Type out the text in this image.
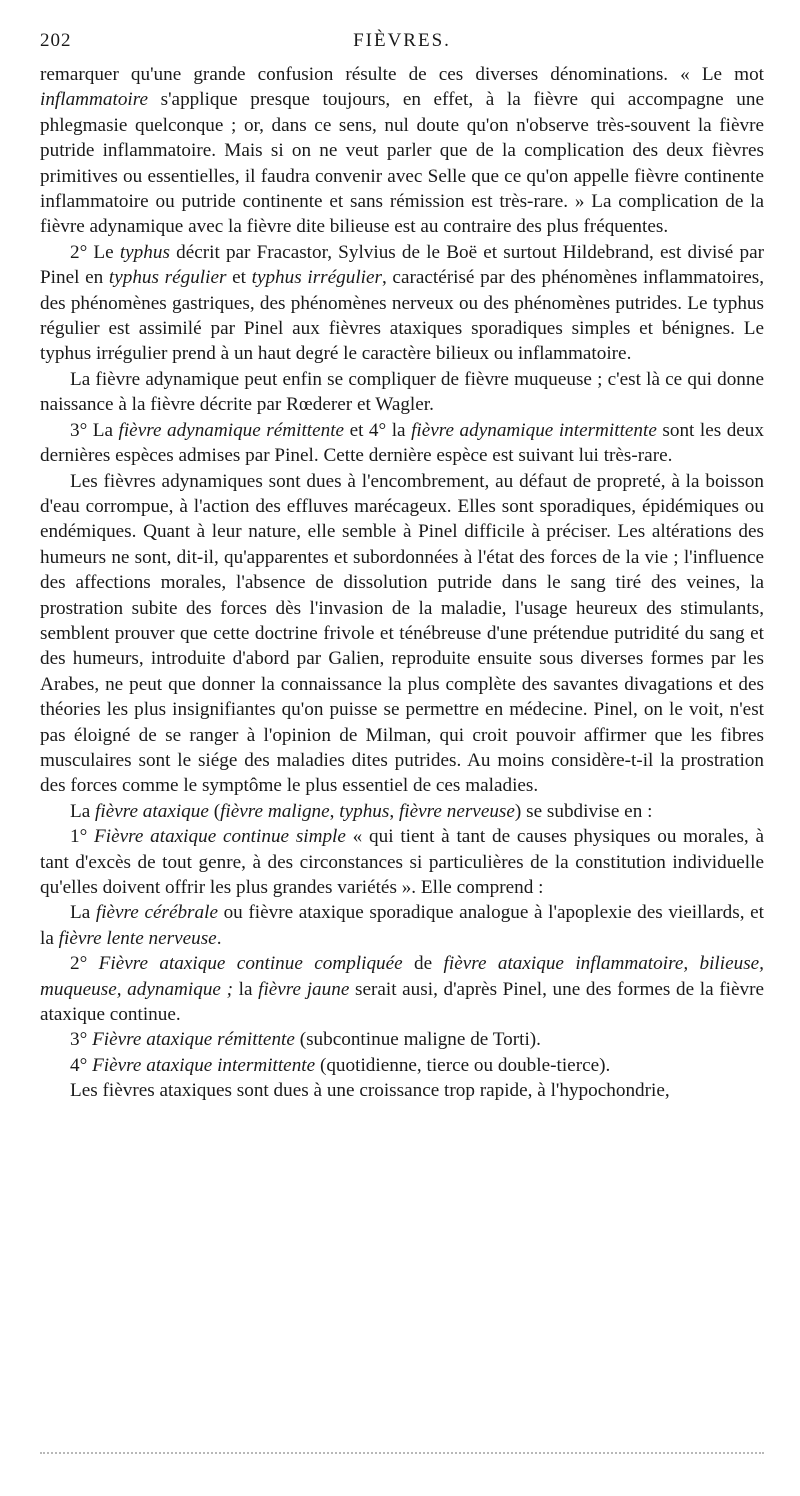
FIÈVRES.
202

remarquer qu'une grande confusion résulte de ces diverses dénominations. « Le mot inflammatoire s'applique presque toujours, en effet, à la fièvre qui accompagne une phlegmasie quelconque ; or, dans ce sens, nul doute qu'on n'observe très-souvent la fièvre putride inflammatoire. Mais si on ne veut parler que de la complication des deux fièvres primitives ou essentielles, il faudra convenir avec Selle que ce qu'on appelle fièvre continente inflammatoire ou putride continente et sans rémission est très-rare. » La complication de la fièvre adynamique avec la fièvre dite bilieuse est au contraire des plus fréquentes.

2° Le typhus décrit par Fracastor, Sylvius de le Boë et surtout Hildebrand, est divisé par Pinel en typhus régulier et typhus irrégulier, caractérisé par des phénomènes inflammatoires, des phénomènes gastriques, des phénomènes nerveux ou des phénomènes putrides. Le typhus régulier est assimilé par Pinel aux fièvres ataxiques sporadiques simples et bénignes. Le typhus irrégulier prend à un haut degré le caractère bilieux ou inflammatoire.

La fièvre adynamique peut enfin se compliquer de fièvre muqueuse ; c'est là ce qui donne naissance à la fièvre décrite par Rœderer et Wagler.

3° La fièvre adynamique rémittente et 4° la fièvre adynamique intermittente sont les deux dernières espèces admises par Pinel. Cette dernière espèce est suivant lui très-rare.

Les fièvres adynamiques sont dues à l'encombrement, au défaut de propreté, à la boisson d'eau corrompue, à l'action des effluves marécageux. Elles sont sporadiques, épidémiques ou endémiques. Quant à leur nature, elle semble à Pinel difficile à préciser. Les altérations des humeurs ne sont, dit-il, qu'apparentes et subordonnées à l'état des forces de la vie ; l'influence des affections morales, l'absence de dissolution putride dans le sang tiré des veines, la prostration subite des forces dès l'invasion de la maladie, l'usage heureux des stimulants, semblent prouver que cette doctrine frivole et ténébreuse d'une prétendue putridité du sang et des humeurs, introduite d'abord par Galien, reproduite ensuite sous diverses formes par les Arabes, ne peut que donner la connaissance la plus complète des savantes divagations et des théories les plus insignifiantes qu'on puisse se permettre en médecine. Pinel, on le voit, n'est pas éloigné de se ranger à l'opinion de Milman, qui croit pouvoir affirmer que les fibres musculaires sont le siége des maladies dites putrides. Au moins considère-t-il la prostration des forces comme le symptôme le plus essentiel de ces maladies.

La fièvre ataxique (fièvre maligne, typhus, fièvre nerveuse) se subdivise en :

1° Fièvre ataxique continue simple « qui tient à tant de causes physiques ou morales, à tant d'excès de tout genre, à des circonstances si particulières de la constitution individuelle qu'elles doivent offrir les plus grandes variétés ». Elle comprend :

La fièvre cérébrale ou fièvre ataxique sporadique analogue à l'apoplexie des vieillards, et la fièvre lente nerveuse.

2° Fièvre ataxique continue compliquée de fièvre ataxique inflammatoire, bilieuse, muqueuse, adynamique ; la fièvre jaune serait ausi, d'après Pinel, une des formes de la fièvre ataxique continue.

3° Fièvre ataxique rémittente (subcontinue maligne de Torti).

4° Fièvre ataxique intermittente (quotidienne, tierce ou double-tierce).

Les fièvres ataxiques sont dues à une croissance trop rapide, à l'hypochondrie,
